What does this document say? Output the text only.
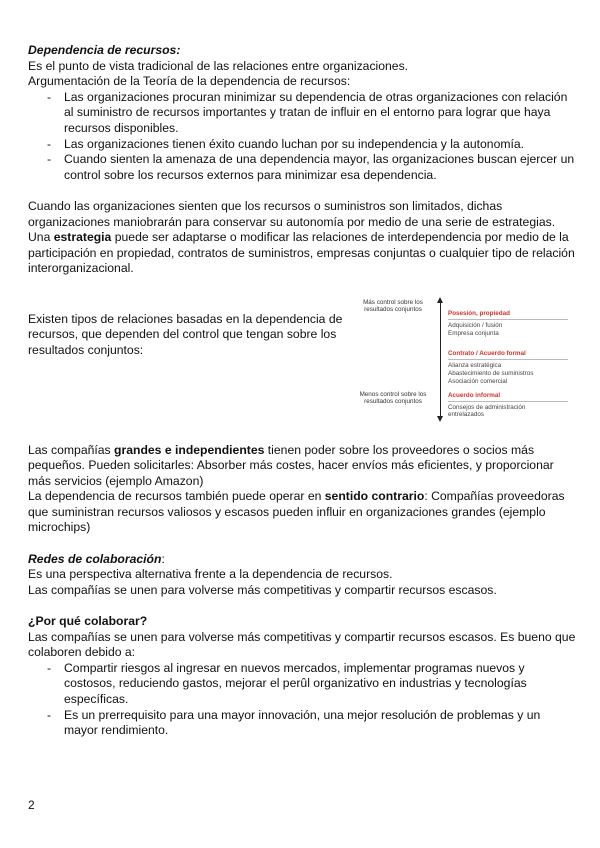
Dependencia de recursos:

Es el punto de vista tradicional de las relaciones entre organizaciones.

Argumentación de la Teoría de la dependencia de recursos:

- Las organizaciones procuran minimizar su dependencia de otras organizaciones con relación al suministro de recursos importantes y tratan de influir en el entorno para lograr que haya recursos disponibles.
- Las organizaciones tienen éxito cuando luchan por su independencia y la autonomía.
- Cuando sienten la amenaza de una dependencia mayor, las organizaciones buscan ejercer un control sobre los recursos externos para minimizar esa dependencia.

Cuando las organizaciones sienten que los recursos o suministros son limitados, dichas organizaciones maniobrarán para conservar su autonomía por medio de una serie de estrategias.

Una estrategia puede ser adaptarse o modificar las relaciones de interdependencia por medio de la participación en propiedad, contratos de suministros, empresas conjuntas o cualquier tipo de relación interorganizacional.

Existen tipos de relaciones basadas en la dependencia de recursos, que dependen del control que tengan sobre los resultados conjuntos:

Más control sobre los resultados conjuntos
Menos control sobre los resultados conjuntos
Posesión, propiedad
Adquisición / fusión
Empresa conjunta
Contrato / Acuerdo formal
Alianza estratégica
Abastecimiento de suministros
Asociación comercial
Acuerdo informal
Consejos de administración entrelazados

Las compañías grandes e independientes tienen poder sobre los proveedores o socios más pequeños. Pueden solicitarles: Absorber más costes, hacer envíos más eficientes, y proporcionar más servicios (ejemplo Amazon)

La dependencia de recursos también puede operar en sentido contrario: Compañías proveedoras que suministran recursos valiosos y escasos pueden influir en organizaciones grandes (ejemplo microchips)

Redes de colaboración:

Es una perspectiva alternativa frente a la dependencia de recursos.

Las compañías se unen para volverse más competitivas y compartir recursos escasos.

¿Por qué colaborar?

Las compañías se unen para volverse más competitivas y compartir recursos escasos. Es bueno que colaboren debido a:

- Compartir riesgos al ingresar en nuevos mercados, implementar programas nuevos y costosos, reduciendo gastos, mejorar el perûl organizativo en industrias y tecnologías específicas.
- Es un prerrequisito para una mayor innovación, una mejor resolución de problemas y un mayor rendimiento.
2
